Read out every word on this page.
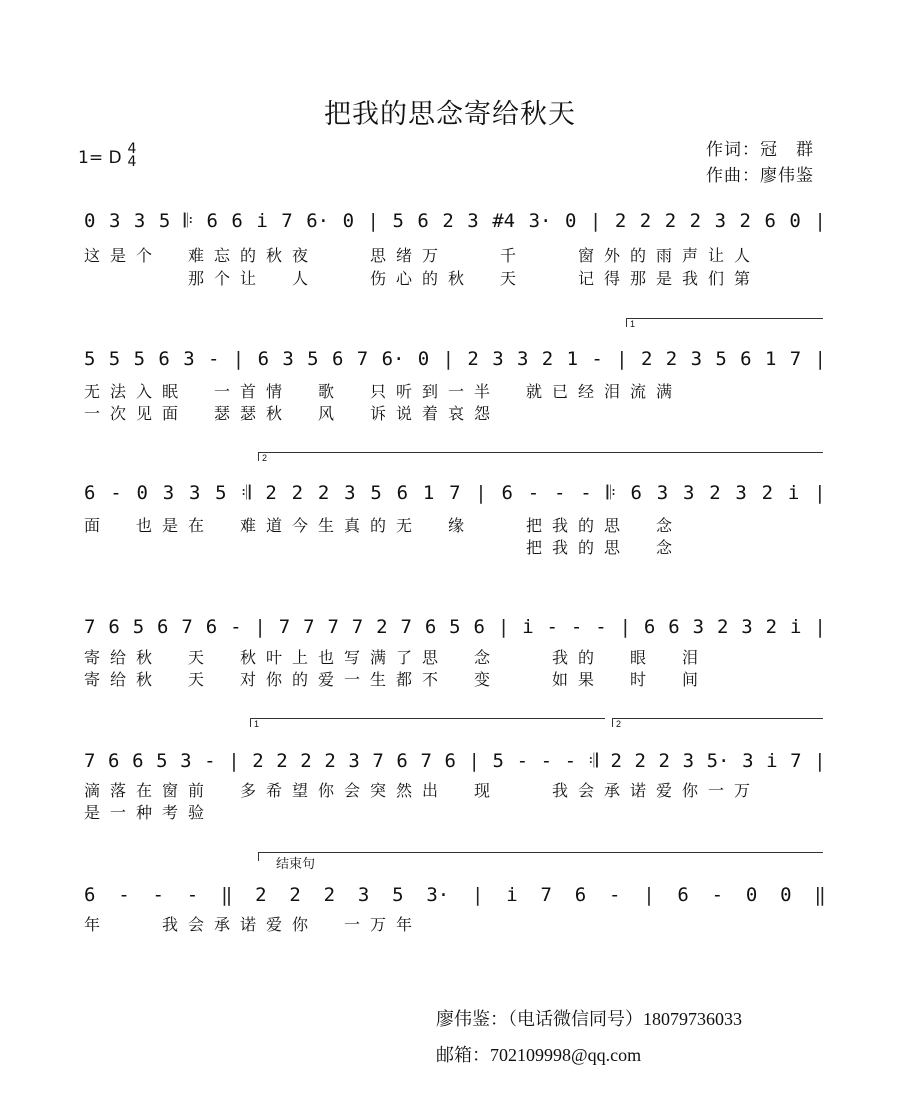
把我的思念寄给秋天
1= D 4
4
作词：冠　群
作曲：廖伟鉴
0 3 3 5 𝄆 6 6 i 7 6· 0 | 5 6 2 3 #4 3· 0 | 2 2 2 2 3 2 6 0 |
这是个　难忘的秋夜　　思绪万　　千　　窗外的雨声让人
　　　　那个让　人　　伤心的秋　天　　记得那是我们第
1
5 5 5 6 3 - | 6 3 5 6 7 6· 0 | 2 3 3 2 1 - | 2 2 3 5 6 1 7 |
无法入眠　一首情　歌　只听到一半　就已经泪流满
一次见面　瑟瑟秋　风　诉说着哀怨
2
6 - 0 3 3 5 𝄇 2 2 2 3 5 6 1 7 | 6 - - - 𝄆 6 3 3 2 3 2 i |
面　也是在　难道今生真的无　缘　　把我的思　念
　　　　　　　　　　　　　　　　　把我的思　念
7 6 5 6 7 6 - | 7 7 7 7 2 7 6 5 6 | i - - - | 6 6 3 2 3 2 i |
寄给秋　天　秋叶上也写满了思　念　　我的　眼　泪
寄给秋　天　对你的爱一生都不　变　　如果　时　间
1	2
7 6 6 5 3 - | 2 2 2 2 3 7 6 7 6 | 5 - - - 𝄇 2 2 2 3 5· 3 i 7 |
滴落在窗前　多希望你会突然出　现　　我会承诺爱你一万
是一种考验
结束句
6 - - - ‖ 2 2 2 3 5 3· | i 7 6 - | 6 - 0 0 ‖
年　　我会承诺爱你　一万年
廖伟鉴：（电话微信同号）18079736033
邮箱：702109998@qq.com
